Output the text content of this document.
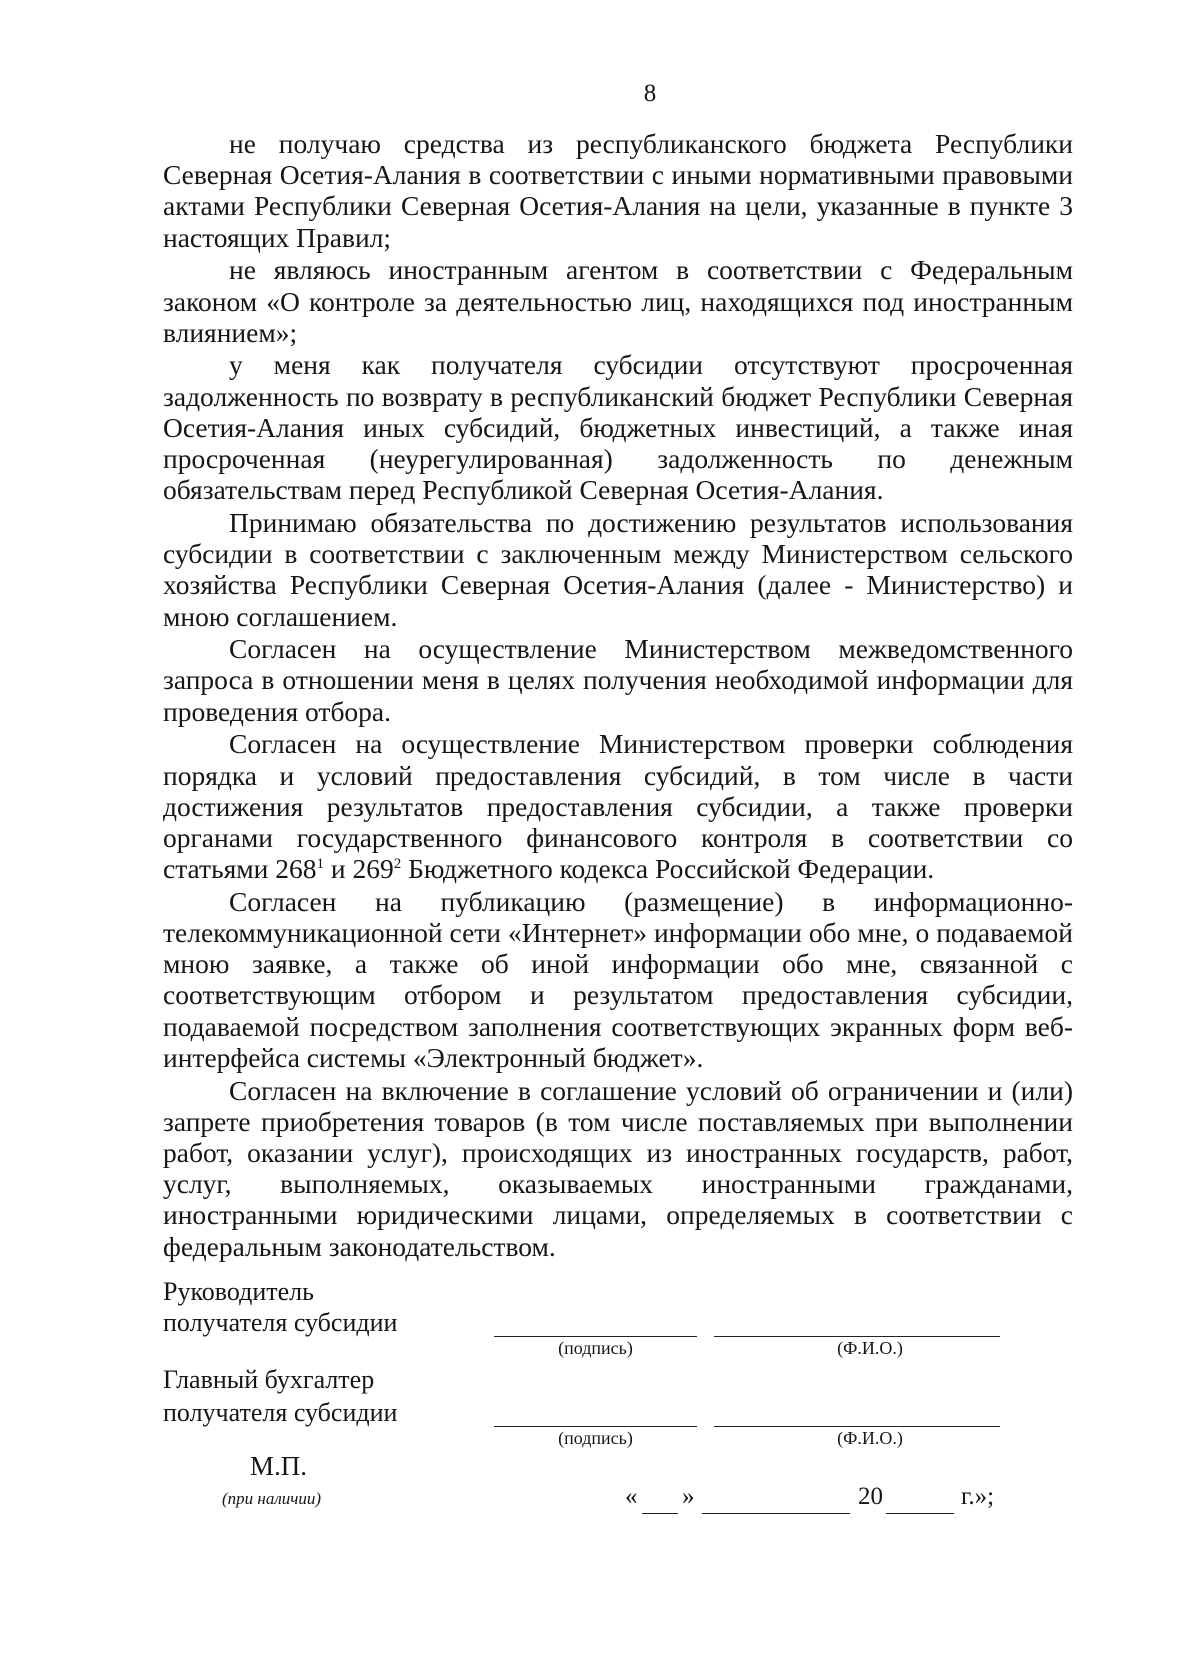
8

не получаю средства из республиканского бюджета Республики Северная Осетия-Алания в соответствии с иными нормативными правовыми актами Республики Северная Осетия-Алания на цели, указанные в пункте 3 настоящих Правил;

не являюсь иностранным агентом в соответствии с Федеральным законом «О контроле за деятельностью лиц, находящихся под иностранным влиянием»;

у меня как получателя субсидии отсутствуют просроченная задолженность по возврату в республиканский бюджет Республики Северная Осетия-Алания иных субсидий, бюджетных инвестиций, а также иная просроченная (неурегулированная) задолженность по денежным обязательствам перед Республикой Северная Осетия-Алания.

Принимаю обязательства по достижению результатов использования субсидии в соответствии с заключенным между Министерством сельского хозяйства Республики Северная Осетия-Алания (далее - Министерство) и мною соглашением.

Согласен на осуществление Министерством межведомственного запроса в отношении меня в целях получения необходимой информации для проведения отбора.

Согласен на осуществление Министерством проверки соблюдения порядка и условий предоставления субсидий, в том числе в части достижения результатов предоставления субсидии, а также проверки органами государственного финансового контроля в соответствии со статьями $268^1$ и $269^2$ Бюджетного кодекса Российской Федерации.

Согласен на публикацию (размещение) в информационно-телекоммуникационной сети «Интернет» информации обо мне, о подаваемой мною заявке, а также об иной информации обо мне, связанной с соответствующим отбором и результатом предоставления субсидии, подаваемой посредством заполнения соответствующих экранных форм веб-интерфейса системы «Электронный бюджет».

Согласен на включение в соглашение условий об ограничении и (или) запрете приобретения товаров (в том числе поставляемых при выполнении работ, оказании услуг), происходящих из иностранных государств, работ, услуг, выполняемых, оказываемых иностранными гражданами, иностранными юридическими лицами, определяемых в соответствии с федеральным законодательством.

Руководитель
получателя субсидии
(подпись)	(Ф.И.О.)
Главный бухгалтер
получателя субсидии
(подпись)	(Ф.И.О.)
М.П.
(при наличии)	« »	20	г.»;
